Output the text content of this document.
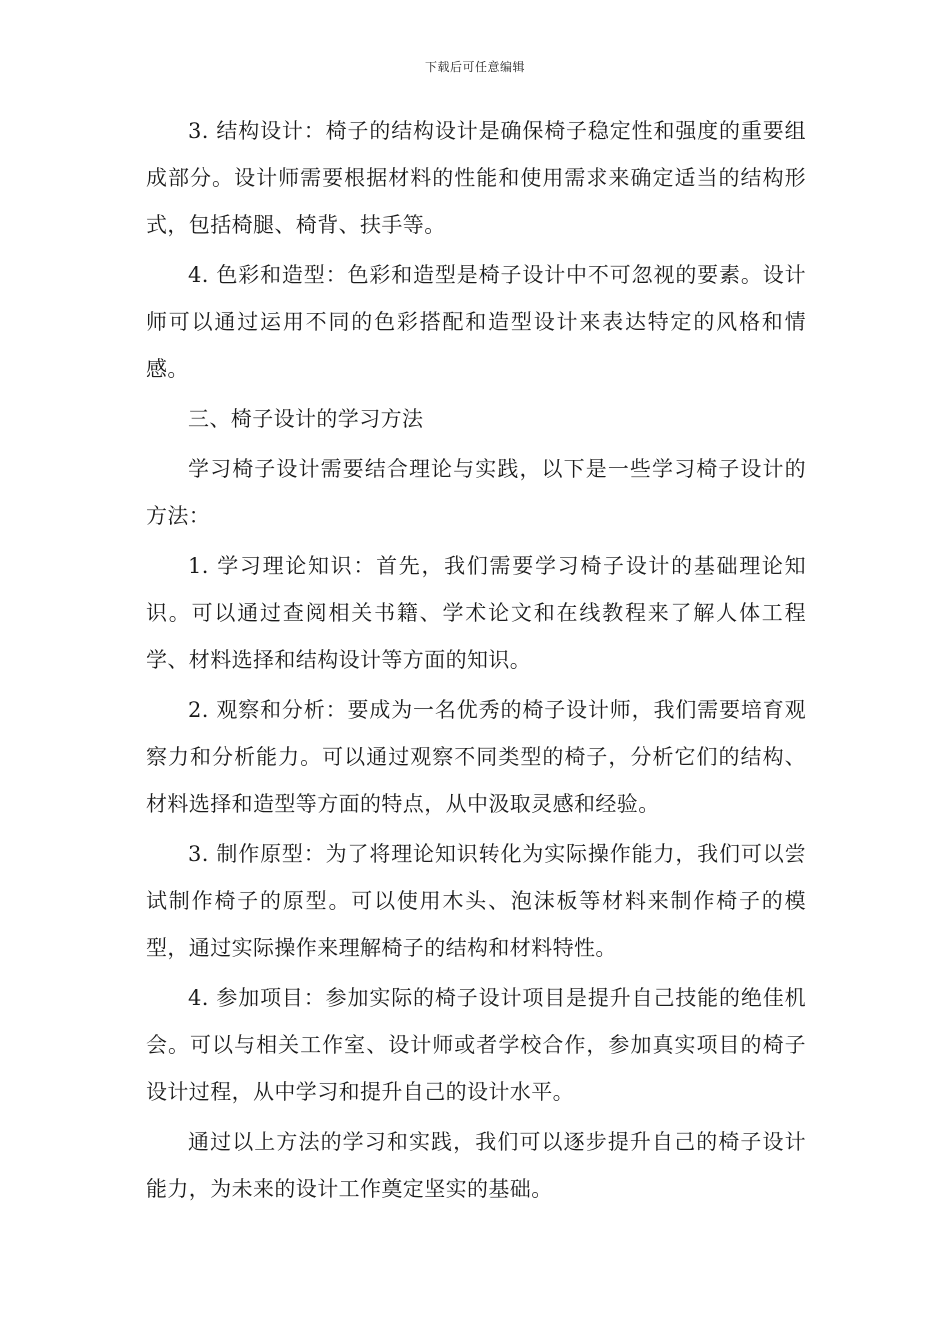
下载后可任意编辑

3. 结构设计：椅子的结构设计是确保椅子稳定性和强度的重要组成部分。设计师需要根据材料的性能和使用需求来确定适当的结构形式，包括椅腿、椅背、扶手等。

4. 色彩和造型：色彩和造型是椅子设计中不可忽视的要素。设计师可以通过运用不同的色彩搭配和造型设计来表达特定的风格和情感。

三、椅子设计的学习方法

学习椅子设计需要结合理论与实践，以下是一些学习椅子设计的方法：

1. 学习理论知识：首先，我们需要学习椅子设计的基础理论知识。可以通过查阅相关书籍、学术论文和在线教程来了解人体工程学、材料选择和结构设计等方面的知识。

2. 观察和分析：要成为一名优秀的椅子设计师，我们需要培育观察力和分析能力。可以通过观察不同类型的椅子，分析它们的结构、材料选择和造型等方面的特点，从中汲取灵感和经验。

3. 制作原型：为了将理论知识转化为实际操作能力，我们可以尝试制作椅子的原型。可以使用木头、泡沫板等材料来制作椅子的模型，通过实际操作来理解椅子的结构和材料特性。

4. 参加项目：参加实际的椅子设计项目是提升自己技能的绝佳机会。可以与相关工作室、设计师或者学校合作，参加真实项目的椅子设计过程，从中学习和提升自己的设计水平。

通过以上方法的学习和实践，我们可以逐步提升自己的椅子设计能力，为未来的设计工作奠定坚实的基础。
